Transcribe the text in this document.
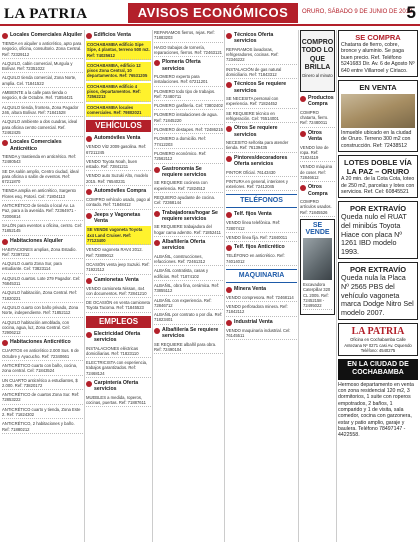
LA PATRIA	AVISOS ECONÓMICOS	ORURO, SÁBADO 9 DE JUNIO DE 2018
5
Locales Comerciales Alquiler
TIENDA en alquiler o anticrético, apto para negocio, oficina, consultorio. Zona Central. Ref: 72329112
ALQUILO, cabin comercial, Murguía y Bolívar. Ref: 72351022
ALQUILO tienda comercial, Zona Norte, amplia. Cel. 71841522
AMBIENTE a la calle para tienda o negocio, 6 de Octubre. Ref. 71854421
ALQUILO tienda, frontera, Zona Pagador 246, altura Bolívar. Ref: 71841528
ALQUILO ambiente a dos cuadras, ideal para oficina centro comercial. Ref. 72462425
Locales Comerciales Anticrético
TIENDA y trastienda en anticrético. Ref: 72480543
SE DA salón amplio, Centro ciudad, ideal para oficina o salón de eventos. Ref: 67211870
TIENDA amplia en anticrético, Sargento Flores esq. Potosí. Cel: 71804113
ANTICRÉTICO de tienda o local Av. La Paz, para a la avenida. Ref: 72364971 - 72006814
SALÓN para eventos u oficina, centro. Cel: 71852145
Habitaciones Alquiler
HABITACIONES amplias, Zona Estadio. Ref: 72397212
ALQUILO cuarto Zona Sur, para estudiante. Cel: 73823114
ALQUILO cuartos. Lote 279 Pagador. Cel: 76845311
ALQUILO habitación, Zona Central. Ref: 71820221
ALQUILO cuarto con baño privado, Zona Norte, independiente. Ref: 71852112
ALQUILO habitación amoblada, con cocina, agua, luz, Zona Central. Cel: 72906212
Habitaciones Anticrético
CUARTOS en anticrético 2.000 Sus. 6 de Octubre y Ayacucho. Ref: 72340661
ANTICRÉTICO cuarto con baño, cocina, zona central. Cel: 71843524
UN CUARTO anticrético a estudiantes, $ 2.000. Ref: 73820172
ANTICRÉTICO de cuartos Zona Sur. Ref: 72853222
ANTICRÉTICO cuarto y tienda, Zona Este 2. Ref: 71824302
ANTICRÉTICO, 2 habitaciones y baño. Ref: 71880212
Edificios Venta
COCHABAMBA edificio Sipe Sipe, 4 plantas, terreno 500 m2. Ref: 74025612
COCHABAMBA, edificio 12 pisos Zona Central, 10 departamentos. Ref: 76531205
COCHABAMBA edificio 4 pisos, departamentos. Ref: 72562213
COCHABAMBA locales comerciales. Ref: 79802021
VEHÍCULOS
Automóviles Venta
VENDO Vitz 2009 gasolina. Ref: 67211245
VENDO Toyota Noah, buen estado. Ref: 72841211
VENDO auto Suzuki Alto, modelo 2015. Ref: 76540231
Automóviles Compra
COMPRO vehículo usado, pago al contado. Ref: 71848412
Jeeps y Vagonetas Venta
SE VENDE vagoneta Toyota 4x4 Land Cruiser. Ref: 77123400
VENDO vagoneta RAV4 2012. Ref: 72809012
OCASIÓN venta jeep Suzuki. Ref: 71922112
Camionetas Venta
VENDO camioneta Nissan, 4x4 con documentos. Ref: 72841210
DE OCASIÓN en venta camioneta Toyota Tacoma. Ref: 71845523
EMPLEOS
Electricidad Oferta servicios
INSTALACIONES eléctricas domiciliarias. Ref: 71823110
ELECTRICISTA con experiencia, trabajos garantizados. Ref: 72468124
Carpintería Oferta servicios
MUEBLES a medida, roperos, cocinas, puertas. Ref: 71887611
REPARAMOS fierros, rejas. Ref: 71883203
HAGO trabajos de tornería, reparaciones, fierros. Ref: 72463121
Plomería Oferta servicios
PLOMERO experto para instalaciones. Ref: 67211201
PLOMERO todo tipo de trabajos. Ref: 72480711
PLOMERO gasfitería. Cel: 73802402
PLOMERO instalaciones de agua. Ref: 71845220
PLOMERO destapes. Ref: 72486215
PLOMERO a domicilio. Ref: 77412203
PLOMERO económico. Ref: 72562112
Gastronomía Se requiere servicios
SE REQUIERE cocinera con experiencia. Ref: 71824512
REQUIERO ayudante de cocina. Cel: 72368144
Trabajadoras/hogar Se requiere servicios
SE REQUIERE trabajadora del hogar cama adentro. Ref: 71852411
Albañilería Oferta servicios
ALBAÑIL, construcciones, refacciones. Ref: 72461312
ALBAÑIL contratista, casas y edificios. Ref: 71874102
ALBAÑIL, obra fina, cerámica. Ref: 73855112
ALBAÑIL con experiencia. Ref: 72846712
ALBAÑIL por contrato o por día. Ref: 71823401
Albañilería Se requiere servicios
SE REQUIERE albañil para obra. Ref: 72490104
Técnicos Oferta servicios
REPARAMOS lavadoras, refrigeradores, cocinas. Ref: 72346222
INSTALACIÓN de gas natural domiciliario. Ref: 71843312
Técnicos Se requiere servicios
SE NECESITA personal con experiencia. Ref: 71824452
SE REQUIERE técnico en refrigeración. Cel: 76514001
Otros Se requiere servicios
NECESITO señorita para atender tienda. Ref: 76139435
Pintores/decoradores Oferta servicios
PINTOR Oficial. 76143430
PINTURA en general, interiores y exteriores. Ref: 72412045
TELÉFONOS
Telf. fijos Venta
VENDO línea telefónica. Ref: 72807412
VENDO línea fija. Ref: 71840011
Telf. fijos Anticrético
TELÉFONO en anticrético. Ref: 74014012
MAQUINARIA
Minera Venta
VENDO compresora. Ref: 72468114
VENDO perforadora minera. Ref: 71842112
Industrial Venta
VENDO maquinaria industrial. Cel: 76145511
COMPRO TODO LO QUE BRILLA
Dinero al minuto
Productos Compra
COMPRO chatarra, fierro. Ref: 72480011
Otros Venta
VENDO lote de ropa. Ref: 71824119
VENDO máquina de coser. Ref: 72846612
Otros Compra
COMPRO artículos usados. Ref: 71845526
SE VENDE
Excavadora Caterpillar 320 CL 2005. Ref: 72452158 - 72495022
SE COMPRA
Chatarra de fierro, cobre, bronce y aluminio. Se paga buen precio. Ref. Teléfono 5241683 Dir. Av. 6 de Agosto Nº 640 entre Villarroel y Ciriaco.
EN VENTA
Inmueble ubicado en la ciudad de Oruro. Terreno 300 m2 con construcción. Ref: 72438512
LOTES DOBLE VÍA LA PAZ – ORURO
A 20 min. de la Cota Cota, loteo de 250 m2, parcelas y lotes con servicios. Ref. Cel: 60845521
POR EXTRAVÍO
Queda nulo el RUAT del minibús Toyota Hiace con placa Nº 1261 IBD modelo 1993.
POR EXTRAVÍO
Queda nula la Placa Nº 2565 PBS del vehículo vagoneta marca Dodge Nitro Sel modelo 2007.
LA PATRIA
Oficina en Cochabamba Calle Antezana Nº 0271 casi Av. Oquendo Teléfono: 4540275
EN LA CIUDAD DE COCHABAMBA
Hermoso departamento en venta con zona residencial 120 m2, 3 dormitorios, 1 suite con roperos empotrados, 2 baños, 1 comparido y 1 de visita, sala comedor, cocina con garzonera, estar y patio amplio, garaje y baulera. Teléfono 78497147 - 4422558.
